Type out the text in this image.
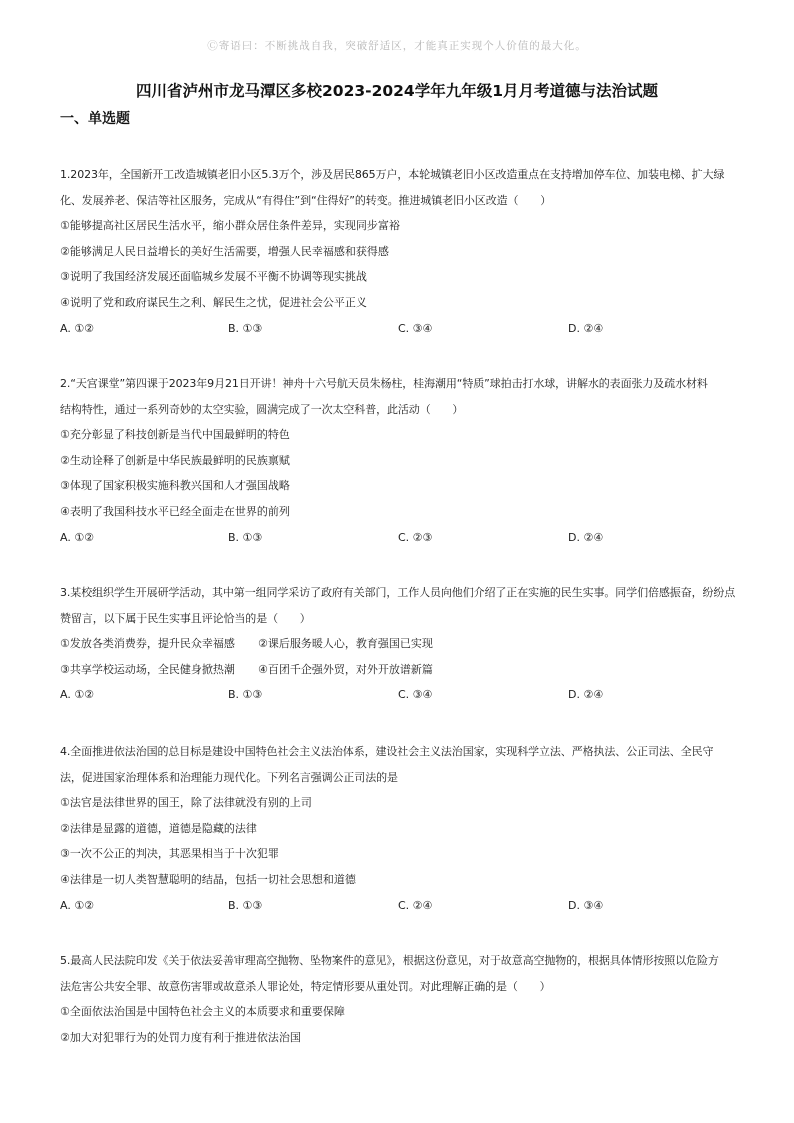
Ⓒ寄语曰：不断挑战自我，突破舒适区，才能真正实现个人价值的最大化。
四川省泸州市龙马潭区多校2023-2024学年九年级1月月考道德与法治试题
一、单选题
1.2023年，全国新开工改造城镇老旧小区5.3万个，涉及居民865万户，本轮城镇老旧小区改造重点在支持增加停车位、加装电梯、扩大绿
化、发展养老、保洁等社区服务，完成从“有得住”到“住得好”的转变。推进城镇老旧小区改造（　　）
①能够提高社区居民生活水平，缩小群众居住条件差异，实现同步富裕
②能够满足人民日益增长的美好生活需要，增强人民幸福感和获得感
③说明了我国经济发展还面临城乡发展不平衡不协调等现实挑战
④说明了党和政府谋民生之利、解民生之忧，促进社会公平正义
A. ①②	B. ①③	C. ③④	D. ②④
2.“天宫课堂”第四课于2023年9月21日开讲！神舟十六号航天员朱杨柱，桂海潮用“特质”球拍击打水球，讲解水的表面张力及疏水材料
结构特性，通过一系列奇妙的太空实验，圆满完成了一次太空科普，此活动（　　）
①充分彰显了科技创新是当代中国最鲜明的特色
②生动诠释了创新是中华民族最鲜明的民族禀赋
③体现了国家积极实施科教兴国和人才强国战略
④表明了我国科技水平已经全面走在世界的前列
A. ①②	B. ①③	C. ②③	D. ②④
3.某校组织学生开展研学活动，其中第一组同学采访了政府有关部门，工作人员向他们介绍了正在实施的民生实事。同学们倍感振奋，纷纷点
赞留言，以下属于民生实事且评论恰当的是（　　）
①发放各类消费券，提升民众幸福感 ②课后服务暖人心，教育强国已实现
③共享学校运动场，全民健身掀热潮 ④百团千企强外贸，对外开放谱新篇
A. ①②	B. ①③	C. ③④	D. ②④
4.全面推进依法治国的总目标是建设中国特色社会主义法治体系，建设社会主义法治国家，实现科学立法、严格执法、公正司法、全民守
法，促进国家治理体系和治理能力现代化。下列名言强调公正司法的是
①法官是法律世界的国王，除了法律就没有别的上司
②法律是显露的道德，道德是隐藏的法律
③一次不公正的判决，其恶果相当于十次犯罪
④法律是一切人类智慧聪明的结晶，包括一切社会思想和道德
A. ①②	B. ①③	C. ②④	D. ③④
5.最高人民法院印发《关于依法妥善审理高空抛物、坠物案件的意见》，根据这份意见，对于故意高空抛物的，根据具体情形按照以危险方
法危害公共安全罪、故意伤害罪或故意杀人罪论处，特定情形要从重处罚。对此理解正确的是（　　）
①全面依法治国是中国特色社会主义的本质要求和重要保障
②加大对犯罪行为的处罚力度有利于推进依法治国
